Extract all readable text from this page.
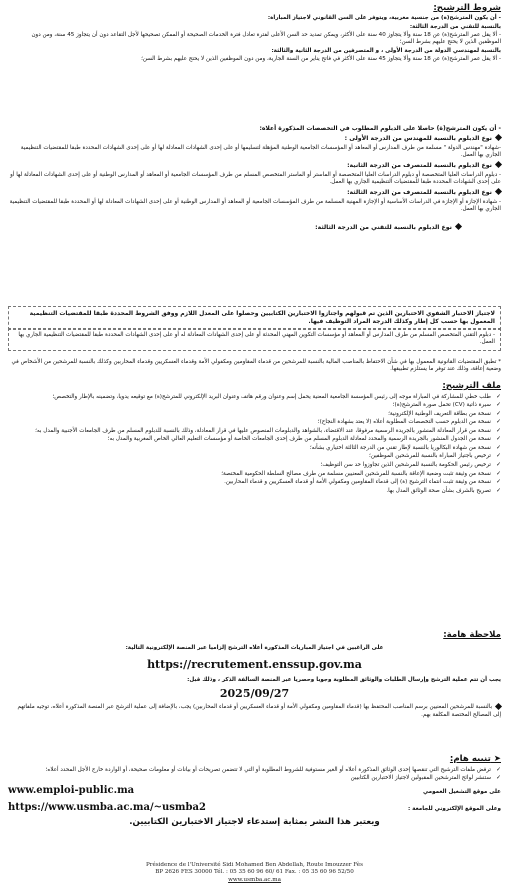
شروط الترشيح:
- أن يكون المترشح(ة) من جنسية مغربية، ويتوفر على السن القانوني لاجتياز المباراة:
بالنسبة للتقني من الدرجة الثالثة:
- ألا يقل عمر المترشح(ة) عن 18 سنة وألا يتجاوز 40 سنة على الأكثر، ويمكن تمديد حد السن الأعلى لفترة تعادل فترة الخدمات الصحيحة أو الممكن تصحيحها لأجل التقاعد دون أن يتجاوز 45 سنة، ومن دون الموظفين الذين لا يحتج عليهم بشرط السن؛
بالنسبة لمهندسي الدولة من الدرجة الأولى ، و المتصرفين من الدرجة الثانية والثالثة:
- ألا يقل عمر المترشح(ة) عن 18 سنة وألا يتجاوز 45 سنة على الأكثر في فاتح يناير من السنة الجارية، ومن دون الموظفين الذين لا يحتج عليهم بشرط السن؛
- أن يكون المترشح(ة) حاصلا على الدبلوم المطلوب في التخصصات المذكورة أعلاه:
نوع الدبلوم بالنسبة للمهندس من الدرجة الأولى :
-شهادة "مهندس الدولة " مسلمة من طرف المدارس أو المعاهد أو المؤسسات الجامعية الوطنية المؤهلة لتسليمها أو على إحدى الشهادات المعادلة لها أو على إحدى الشهادات المحددة طبقا للمقتضيات التنظيمية الجاري بها العمل.
نوع الدبلوم بالنسبة للمتصرف من الدرجة الثانية:
- دبلوم الدراسات العليا المتخصصة أو دبلوم الدراسات العليا المتخصصة أو الماستر أو الماستر المتخصص المسلم من طرف المؤسسات الجامعية أو المعاهد أو المدارس الوطنية أو على إحدى الشهادات المعادلة لها أو على إحدى الشهادات المحددة طبقا للمقتضيات التنظيمية الجاري بها العمل.
نوع الدبلوم بالنسبة للمتصرف من الدرجة الثالثة:
- شهادة الإجازة أو الإجازة في الدراسات الأساسية أو الإجازة المهنية المسلمة من طرف المؤسسات الجامعية أو المعاهد أو المدارس الوطنية أو على إحدى الشهادات المعادلة لها أو المحددة طبقا للمقتضيات التنظيمية الجاري بها العمل.
نوع الدبلوم بالنسبة للتقني من الدرجة الثالثة:
لاجتياز الاختبار الشفوي الاختبارين الذين تم قبولهم واجتازوا الاختبارين الكتابيين وحصلوا على المعدل اللازم ووفق الشروط المحددة طبقا للمقتضيات التنظيمية المعمول بها حسب كل إطار وكذلك الدرجة المراد التوظيف فيها.
- دبلوم التقني المتخصص المسلم من طرف المدارس أو المعاهد أو مؤسسات التكوين المهني المحدثة أو على إحدى الشهادات المعادلة له أو على إحدى الشهادات المحددة طبقا للمقتضيات التنظيمية الجاري بها العمل.
* تطبق المقتضيات القانونية المعمول بها في شأن الاحتفاظ بالمناصب المالية بالنسبة للمرشحين من قدماء المقاومين ومكفولي الأمة وقدماء العسكريين وقدماء المحاربين وكذلك بالنسبة للمرشحين من الأشخاص في وضعية إعاقة، وذلك عند توفر ما يستلزم تطبيقها.
ملف الترشيح:
✓
طلب خطي للمشاركة في المباراة موجه إلى رئيس المؤسسة الجامعية المعنية يحمل إسم وعنوان ورقم هاتف وعنوان البريد الإلكتروني للمترشح(ة) مع توقيعه يدويا، وتضمينه بالإطار والتخصص؛
✓
سيرة ذاتية (CV) تحمل صورة المترشح(ة)؛
✓
نسخة من بطاقة التعريف الوطنية الإلكترونية؛
✓
نسخة من الدبلوم حسب التخصصات المطلوبة أعلاه (لا يعتد بشهادة النجاح)؛
✓
نسخة من قرار المعادلة المنشور بالجريدة الرسمية مرفوقا، عند الاقتضاء، بالشواهد والدبلومات المنصوص عليها في قرار المعادلة، وذلك بالنسبة للدبلوم المسلم من طرف الجامعات الأجنبية والمدل به؛
✓
نسخة من الجدول المنشور بالجريدة الرسمية والمحدد لمعادلة الدبلوم المسلم من طرف إحدى الجامعات الخاصة أو مؤسسات التعليم العالي الخاص المغربية والمدل به؛
✓
نسخة من شهادة البكالوريا بالنسبة لإطار تقني من الدرجة الثالثة اختياري بشأنه؛
✓
ترخيص باجتياز المباراة بالنسبة للمرشحين الموظفين؛
✓
ترخيص رئيس الحكومة بالنسبة للمرشحين الذين تجاوزوا حد سن التوظيف؛
✓
نسخة من وثيقة تثبت وضعية الإعاقة بالنسبة للمرشحين المعنيين مسلمة من طرف مصالح السلطة الحكومية المختصة؛
✓
نسخة من وثيقة تثبت انتماء الترشيح (ة) إلى قدماء المقاومين ومكفولي الأمة أو قدماء العسكريين و قدماء المحاربين.
✓
تصريح بالشرف بشأن صحة الوثائق المدل بها.
ملاحظة هامة:
على الراغبين في اجتياز المباريات المذكورة أعلاه الترشح إلزاميا عبر المنصة الإلكترونية التالية:
https://recrutement.enssup.gov.ma
يجب أن تتم عملية الترشح وإرسال الطلبات والوثائق المطلوبة وجوبا وحصريا عبر المنصة السالفة الذكر ، وذلك قبل:
2025/09/27
بالنسبة للمرشحين المعنيين برسم المناصب المحتفظ بها (قدماء المقاومين ومكفولي الأمة أو قدماء العسكريين أو قدماء المحاربين) يجب، بالإضافة إلى عملية الترشح عبر المنصة المذكورة أعلاه، توجيه ملفاتهم إلى المصالح المختصة المكلفة بهم.
➤ تنبيه هام:
✓
ترفض ملفات الترشيح التي تنقصها إحدى الوثائق المذكورة أعلاه أو الغير مستوفية للشروط المطلوبة أو التي لا تتضمن تصريحات أو بيانات أو معلومات صحيحة، أو الواردة خارج الأجل المحدد أعلاه؛
✓
ستنشر لوائح المترشحين المقبولين لاجتياز الاختبارين الكتابيين
على موقع التشغيل العمومي
www.emploi-public.ma
وعلى الموقع الإلكتروني للجامعة :
https://www.usmba.ac.ma/~usmba2
ويعتبر هذا النشر بمثابة إستدعاء لاجتياز الاختبارين الكتابيين.
Présidence de l'Université Sidi Mohamed Ben Abdellah, Route Imouzzer Fès
BP 2626 FES 30000 Tél. : 05 35 60 96 60/ 61 Fax. : 05 35 60 96 52/50
www.usmba.ac.ma
